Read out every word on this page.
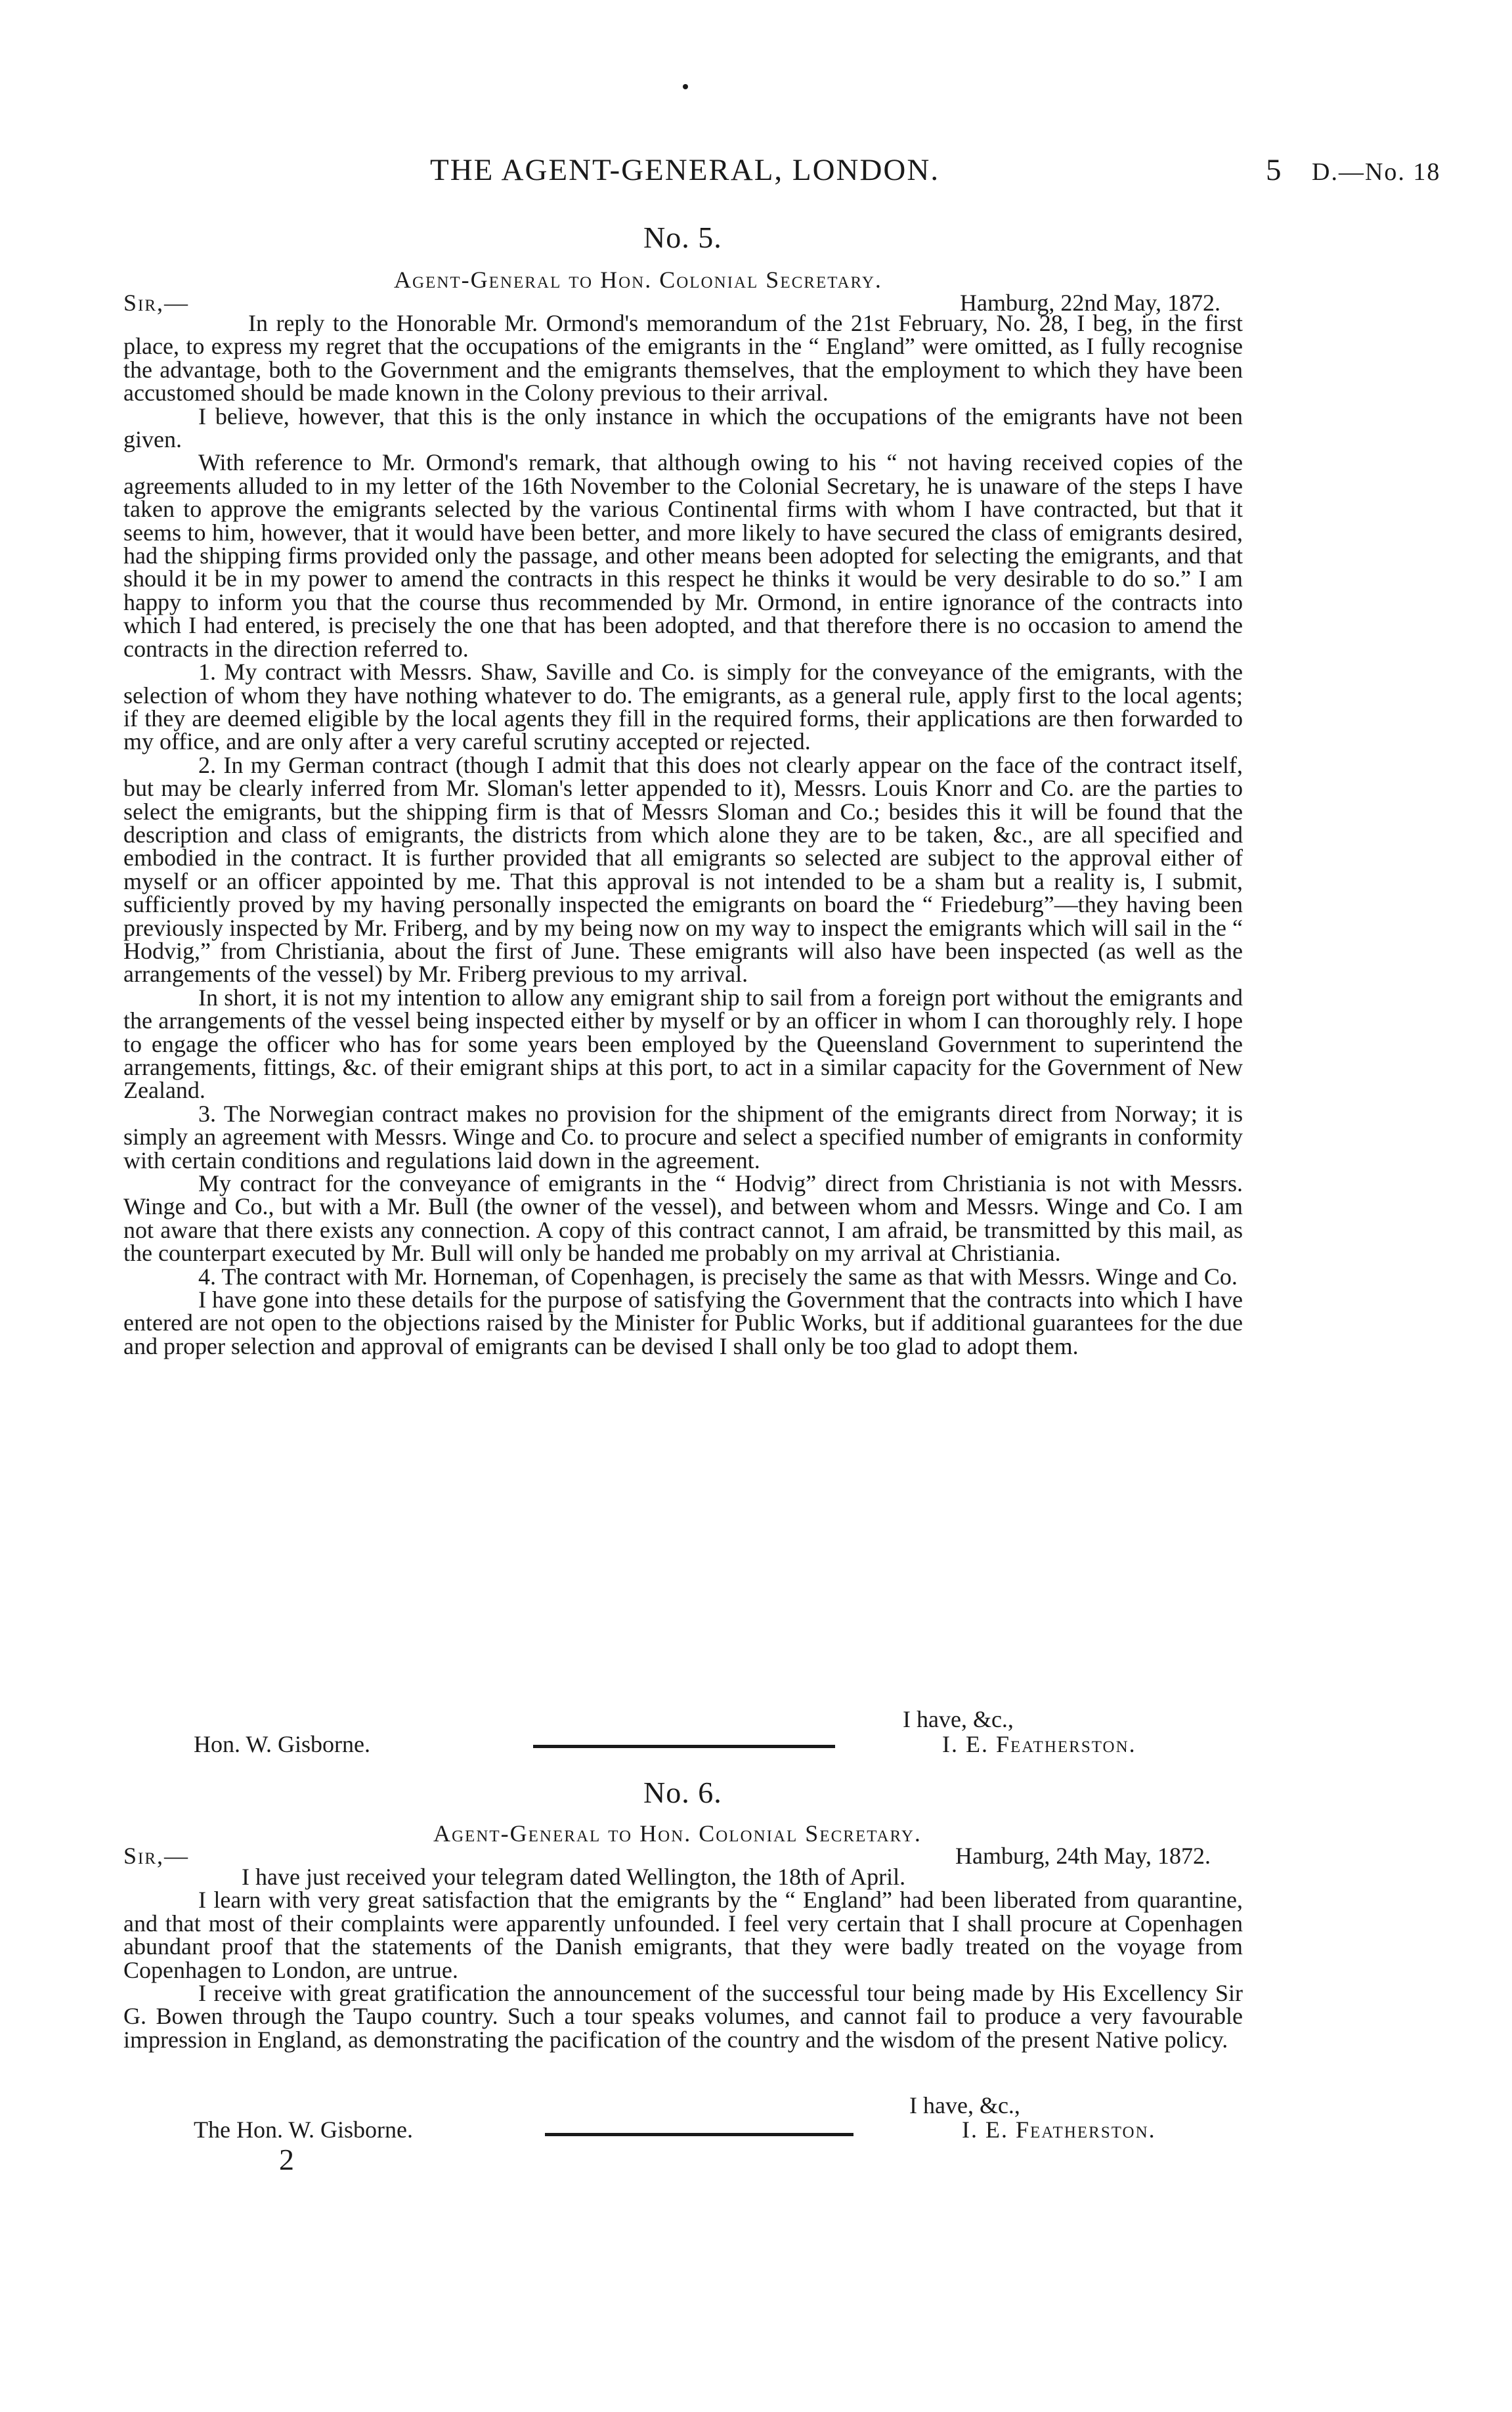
THE AGENT-GENERAL, LONDON.	5 D.—No. 18
No. 5.
Agent-General to Hon. Colonial Secretary.
Sir,—	Hamburg, 22nd May, 1872.

In reply to the Honorable Mr. Ormond's memorandum of the 21st February, No. 28, I beg, in the first place, to express my regret that the occupations of the emigrants in the “ England” were omitted, as I fully recognise the advantage, both to the Government and the emigrants themselves, that the employment to which they have been accustomed should be made known in the Colony previous to their arrival.

I believe, however, that this is the only instance in which the occupations of the emigrants have not been given.

With reference to Mr. Ormond's remark, that although owing to his “ not having received copies of the agreements alluded to in my letter of the 16th November to the Colonial Secretary, he is unaware of the steps I have taken to approve the emigrants selected by the various Continental firms with whom I have contracted, but that it seems to him, however, that it would have been better, and more likely to have secured the class of emigrants desired, had the shipping firms provided only the passage, and other means been adopted for selecting the emigrants, and that should it be in my power to amend the contracts in this respect he thinks it would be very desirable to do so.” I am happy to inform you that the course thus recommended by Mr. Ormond, in entire ignorance of the contracts into which I had entered, is precisely the one that has been adopted, and that therefore there is no occasion to amend the contracts in the direction referred to.

1. My contract with Messrs. Shaw, Saville and Co. is simply for the conveyance of the emigrants, with the selection of whom they have nothing whatever to do. The emigrants, as a general rule, apply first to the local agents; if they are deemed eligible by the local agents they fill in the required forms, their applications are then forwarded to my office, and are only after a very careful scrutiny accepted or rejected.

2. In my German contract (though I admit that this does not clearly appear on the face of the contract itself, but may be clearly inferred from Mr. Sloman's letter appended to it), Messrs. Louis Knorr and Co. are the parties to select the emigrants, but the shipping firm is that of Messrs Sloman and Co.; besides this it will be found that the description and class of emigrants, the districts from which alone they are to be taken, &c., are all specified and embodied in the contract. It is further provided that all emigrants so selected are subject to the approval either of myself or an officer appointed by me. That this approval is not intended to be a sham but a reality is, I submit, sufficiently proved by my having personally inspected the emigrants on board the “ Friedeburg”—they having been previously inspected by Mr. Friberg, and by my being now on my way to inspect the emigrants which will sail in the “ Hodvig,” from Christiania, about the first of June. These emigrants will also have been inspected (as well as the arrangements of the vessel) by Mr. Friberg previous to my arrival.

In short, it is not my intention to allow any emigrant ship to sail from a foreign port without the emigrants and the arrangements of the vessel being inspected either by myself or by an officer in whom I can thoroughly rely. I hope to engage the officer who has for some years been employed by the Queensland Government to superintend the arrangements, fittings, &c. of their emigrant ships at this port, to act in a similar capacity for the Government of New Zealand.

3. The Norwegian contract makes no provision for the shipment of the emigrants direct from Norway; it is simply an agreement with Messrs. Winge and Co. to procure and select a specified number of emigrants in conformity with certain conditions and regulations laid down in the agreement.

My contract for the conveyance of emigrants in the “ Hodvig” direct from Christiania is not with Messrs. Winge and Co., but with a Mr. Bull (the owner of the vessel), and between whom and Messrs. Winge and Co. I am not aware that there exists any connection. A copy of this contract cannot, I am afraid, be transmitted by this mail, as the counterpart executed by Mr. Bull will only be handed me probably on my arrival at Christiania.

4. The contract with Mr. Horneman, of Copenhagen, is precisely the same as that with Messrs. Winge and Co.

I have gone into these details for the purpose of satisfying the Government that the contracts into which I have entered are not open to the objections raised by the Minister for Public Works, but if additional guarantees for the due and proper selection and approval of emigrants can be devised I shall only be too glad to adopt them.

I have, &c.,
Hon. W. Gisborne.	I. E. Featherston.
No. 6.
Agent-General to Hon. Colonial Secretary.
Sir,—	Hamburg, 24th May, 1872.

I have just received your telegram dated Wellington, the 18th of April.

I learn with very great satisfaction that the emigrants by the “ England” had been liberated from quarantine, and that most of their complaints were apparently unfounded. I feel very certain that I shall procure at Copenhagen abundant proof that the statements of the Danish emigrants, that they were badly treated on the voyage from Copenhagen to London, are untrue.

I receive with great gratification the announcement of the successful tour being made by His Excellency Sir G. Bowen through the Taupo country. Such a tour speaks volumes, and cannot fail to produce a very favourable impression in England, as demonstrating the pacification of the country and the wisdom of the present Native policy.

I have, &c.,
The Hon. W. Gisborne.	I. E. Featherston.
2
